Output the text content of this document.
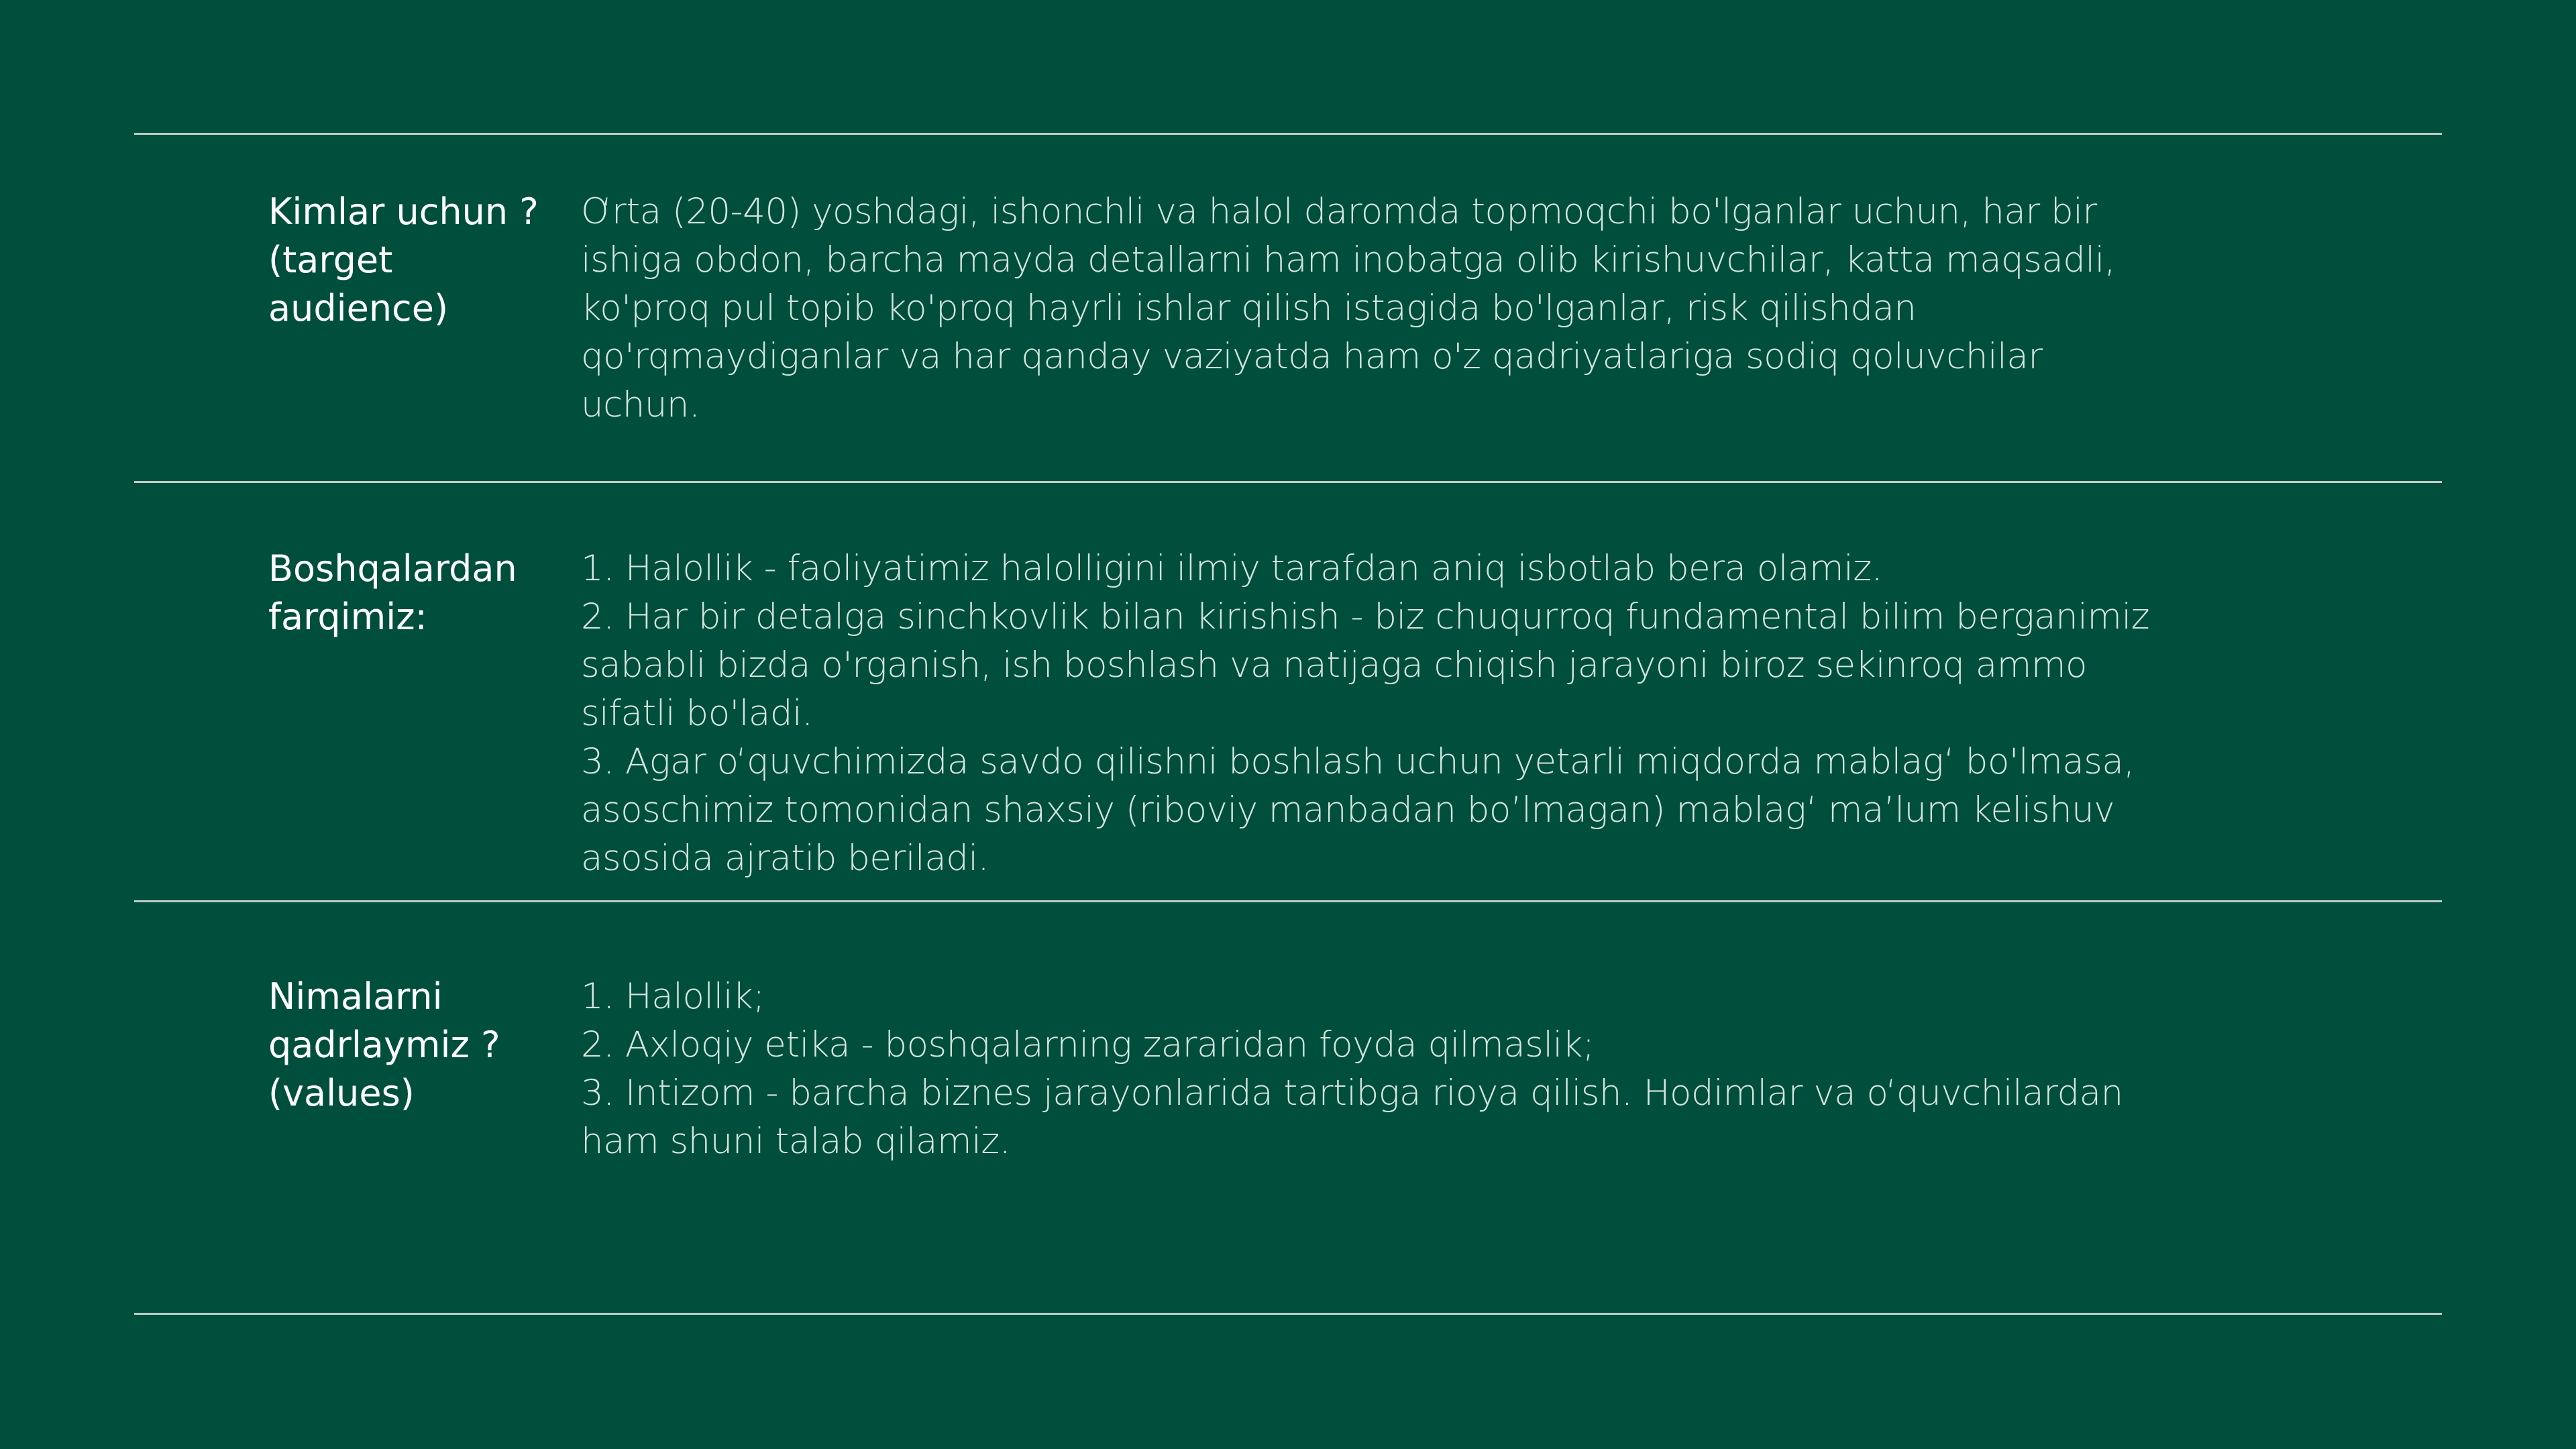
Kimlar uchun ?
(target
audience)
O‘rta (20-40) yoshdagi, ishonchli va halol daromda topmoqchi bo'lganlar uchun, har bir
ishiga obdon, barcha mayda detallarni ham inobatga olib kirishuvchilar, katta maqsadli,
ko'proq pul topib ko'proq hayrli ishlar qilish istagida bo'lganlar, risk qilishdan
qo'rqmaydiganlar va har qanday vaziyatda ham o'z qadriyatlariga sodiq qoluvchilar
uchun.
Boshqalardan
farqimiz:
1. Halollik - faoliyatimiz halolligini ilmiy tarafdan aniq isbotlab bera olamiz.
2. Har bir detalga sinchkovlik bilan kirishish - biz chuqurroq fundamental bilim berganimiz
sababli bizda o'rganish, ish boshlash va natijaga chiqish jarayoni biroz sekinroq ammo
sifatli bo'ladi.
3. Agar o‘quvchimizda savdo qilishni boshlash uchun yetarli miqdorda mablag‘ bo'lmasa,
asoschimiz tomonidan shaxsiy (riboviy manbadan bo’lmagan) mablag‘ ma’lum kelishuv
asosida ajratib beriladi.
Nimalarni
qadrlaymiz ?
(values)
1. Halollik;
2. Axloqiy etika - boshqalarning zararidan foyda qilmaslik;
3. Intizom - barcha biznes jarayonlarida tartibga rioya qilish. Hodimlar va o‘quvchilardan
ham shuni talab qilamiz.
